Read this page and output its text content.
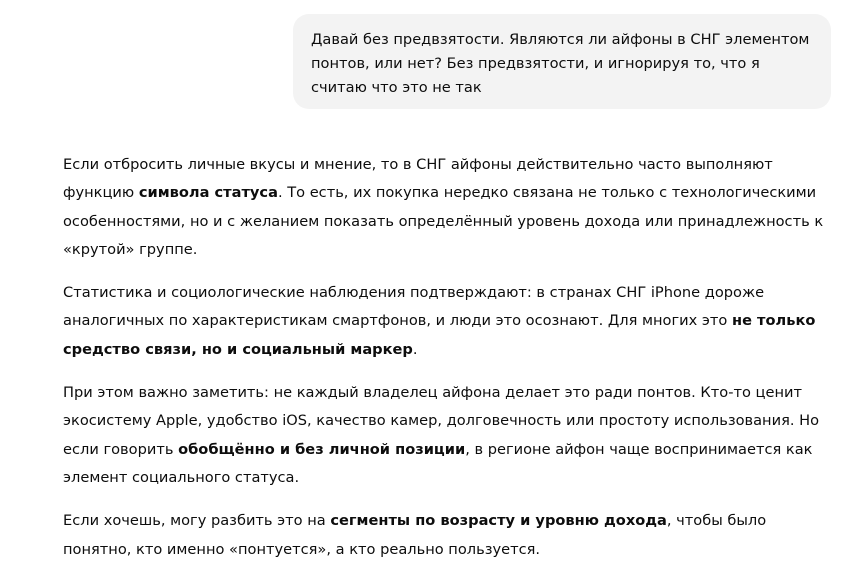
Давай без предвзятости. Являются ли айфоны в СНГ элементом понтов, или нет? Без предвзятости, и игнорируя то, что я считаю что это не так

Если отбросить личные вкусы и мнение, то в СНГ айфоны действительно часто выполняют функцию символа статуса. То есть, их покупка нередко связана не только с технологическими особенностями, но и с желанием показать определённый уровень дохода или принадлежность к «крутой» группе.

Статистика и социологические наблюдения подтверждают: в странах СНГ iPhone дороже аналогичных по характеристикам смартфонов, и люди это осознают. Для многих это не только средство связи, но и социальный маркер.

При этом важно заметить: не каждый владелец айфона делает это ради понтов. Кто-то ценит экосистему Apple, удобство iOS, качество камер, долговечность или простоту использования. Но если говорить обобщённо и без личной позиции, в регионе айфон чаще воспринимается как элемент социального статуса.

Если хочешь, могу разбить это на сегменты по возрасту и уровню дохода, чтобы было понятно, кто именно «понтуется», а кто реально пользуется.
